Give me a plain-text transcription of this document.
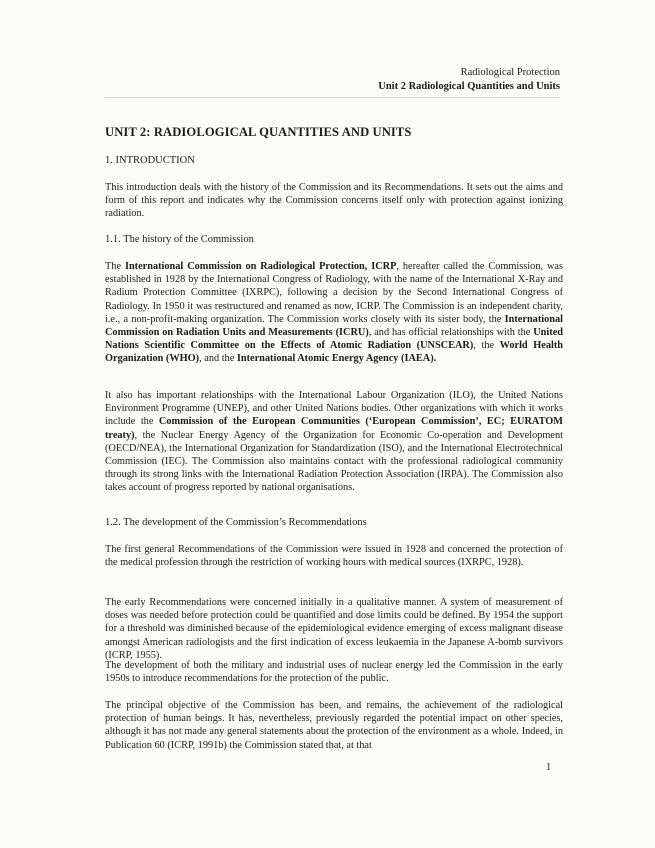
Radiological Protection
Unit 2 Radiological Quantities and Units
UNIT 2: RADIOLOGICAL QUANTITIES AND UNITS
1. INTRODUCTION
This introduction deals with the history of the Commission and its Recommendations. It sets out the aims and form of this report and indicates why the Commission concerns itself only with protection against ionizing radiation.
1.1. The history of the Commission
The International Commission on Radiological Protection, ICRP, hereafter called the Commission, was established in 1928 by the International Congress of Radiology, with the name of the International X-Ray and Radium Protection Committee (IXRPC), following a decision by the Second International Congress of Radiology. In 1950 it was restructured and renamed as now, ICRP. The Commission is an independent charity, i.e., a non-profit-making organization. The Commission works closely with its sister body, the International Commission on Radiation Units and Measurements (ICRU), and has official relationships with the United Nations Scientific Committee on the Effects of Atomic Radiation (UNSCEAR), the World Health Organization (WHO), and the International Atomic Energy Agency (IAEA).
It also has important relationships with the International Labour Organization (ILO), the United Nations Environment Programme (UNEP), and other United Nations bodies. Other organizations with which it works include the Commission of the European Communities (‘European Commission’, EC; EURATOM treaty), the Nuclear Energy Agency of the Organization for Economic Co-operation and Development (OECD/NEA), the International Organization for Standardization (ISO), and the International Electrotechnical Commission (IEC). The Commission also maintains contact with the professional radiological community through its strong links with the International Radiation Protection Association (IRPA). The Commission also takes account of progress reported by national organisations.
1.2. The development of the Commission’s Recommendations
The first general Recommendations of the Commission were issued in 1928 and concerned the protection of the medical profession through the restriction of working hours with medical sources (IXRPC, 1928).
The early Recommendations were concerned initially in a qualitative manner. A system of measurement of doses was needed before protection could be quantified and dose limits could be defined. By 1954 the support for a threshold was diminished because of the epidemiological evidence emerging of excess malignant disease amongst American radiologists and the first indication of excess leukaemia in the Japanese A-bomb survivors (ICRP, 1955).
The development of both the military and industrial uses of nuclear energy led the Commission in the early 1950s to introduce recommendations for the protection of the public.
The principal objective of the Commission has been, and remains, the achievement of the radiological protection of human beings. It has, nevertheless, previously regarded the potential impact on other species, although it has not made any general statements about the protection of the environment as a whole. Indeed, in Publication 60 (ICRP, 1991b) the Commission stated that, at that
1
